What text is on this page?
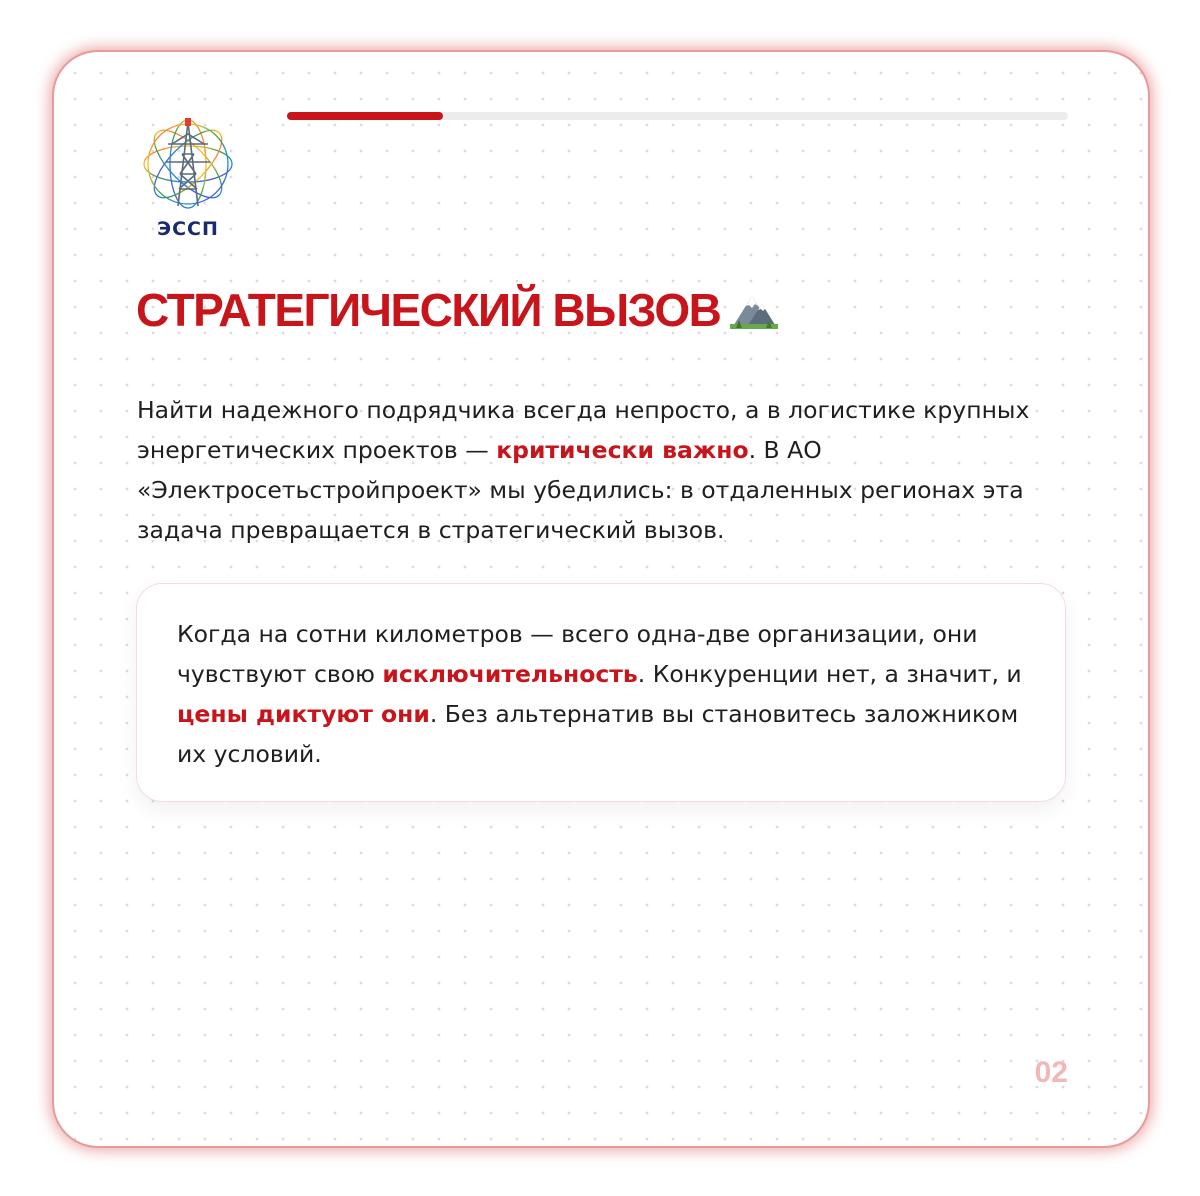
ЭССП
СТРАТЕГИЧЕСКИЙ ВЫЗОВ

Найти надежного подрядчика всегда непросто, а в логистике крупных энергетических проектов — критически важно. В АО «Электросетьстройпроект» мы убедились: в отдаленных регионах эта задача превращается в стратегический вызов.

Когда на сотни километров — всего одна-две организации, они чувствуют свою исключительность. Конкуренции нет, а значит, и цены диктуют они. Без альтернатив вы становитесь заложником их условий.

02
